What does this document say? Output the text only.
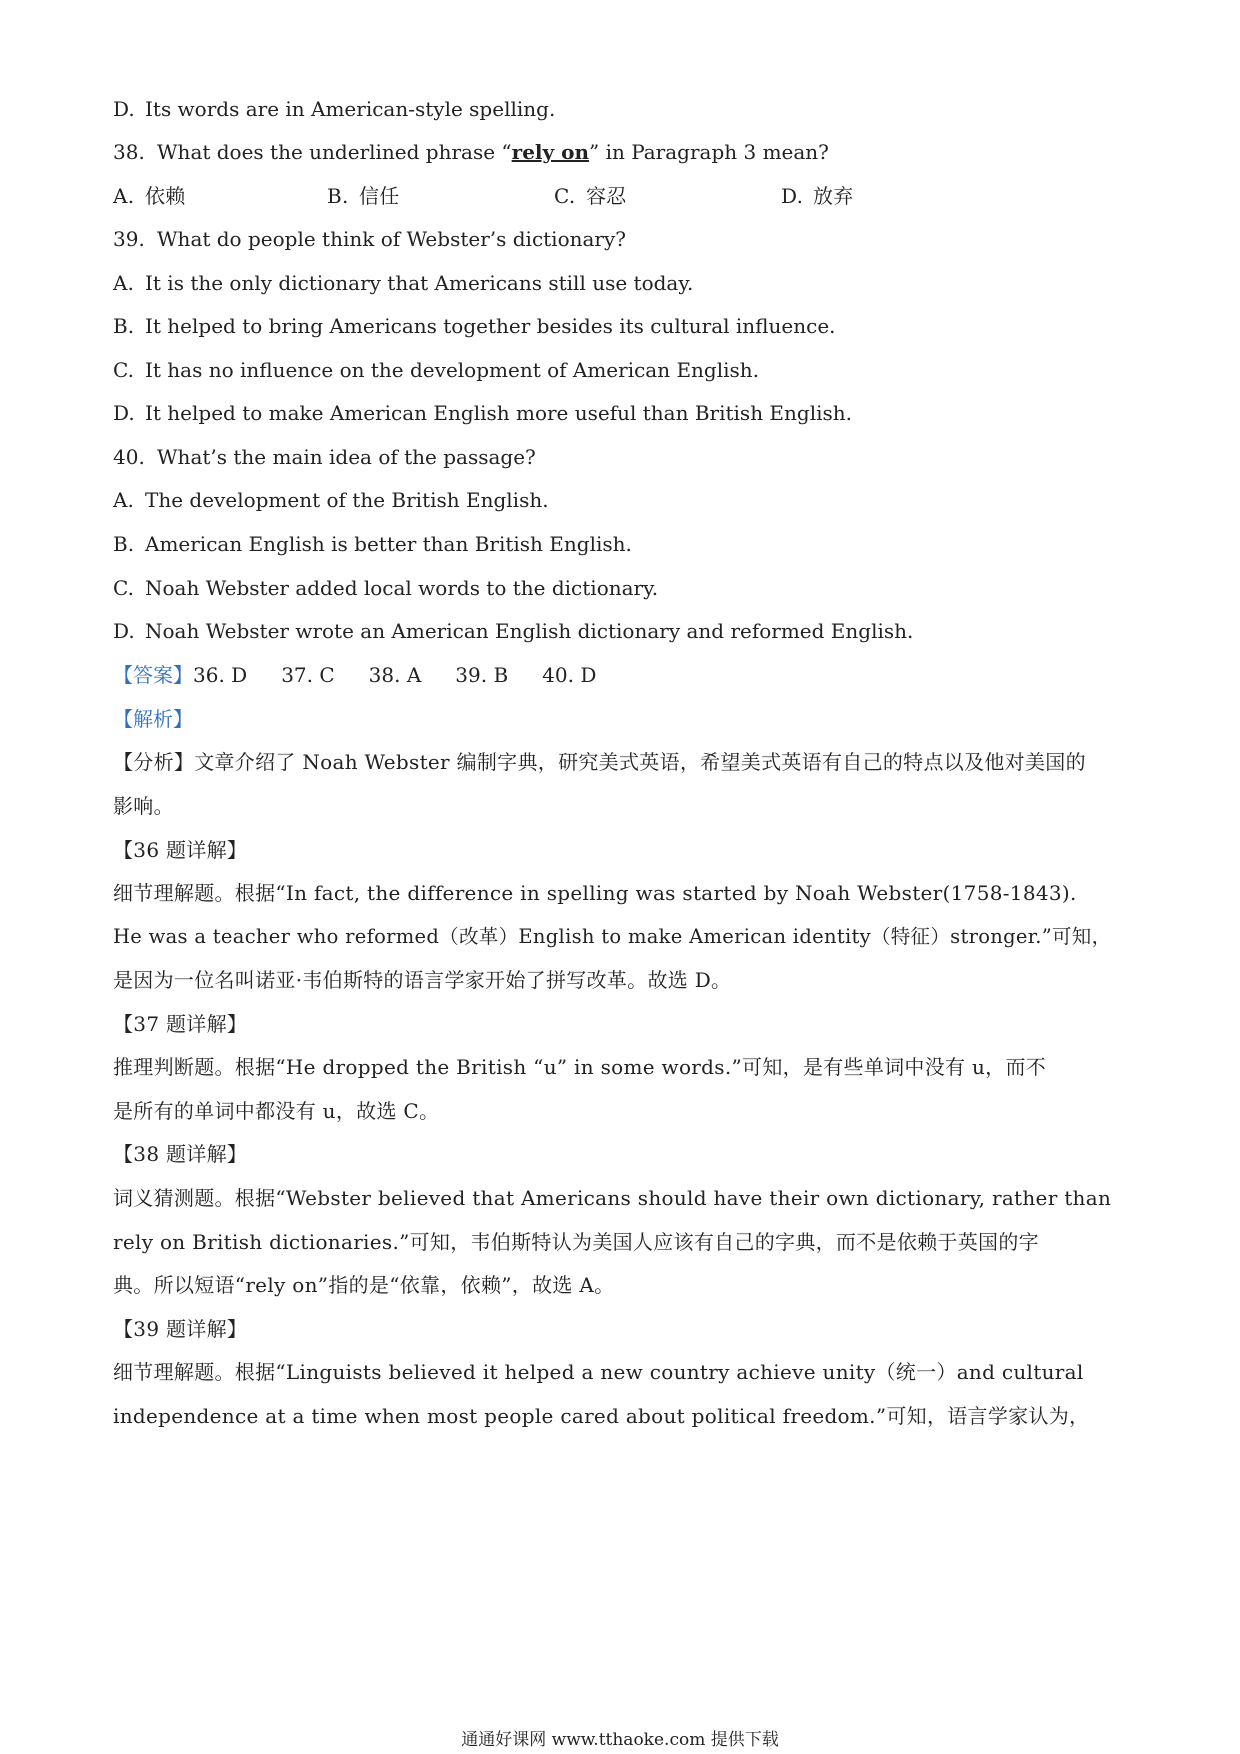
D. Its words are in American-style spelling.
38. What does the underlined phrase “rely on” in Paragraph 3 mean?
A. 依赖	B. 信任	C. 容忍	D. 放弃
39. What do people think of Webster’s dictionary?
A. It is the only dictionary that Americans still use today.
B. It helped to bring Americans together besides its cultural influence.
C. It has no influence on the development of American English.
D. It helped to make American English more useful than British English.
40. What’s the main idea of the passage?
A. The development of the British English.
B. American English is better than British English.
C. Noah Webster added local words to the dictionary.
D. Noah Webster wrote an American English dictionary and reformed English.
【答案】36. D 37. C 38. A 39. B 40. D
【解析】
【分析】文章介绍了 Noah Webster 编制字典，研究美式英语，希望美式英语有自己的特点以及他对美国的
影响。
【36 题详解】
细节理解题。根据“In fact, the difference in spelling was started by Noah Webster(1758-1843).
He was a teacher who reformed（改革）English to make American identity（特征）stronger.”可知，
是因为一位名叫诺亚·韦伯斯特的语言学家开始了拼写改革。故选 D。
【37 题详解】
推理判断题。根据“He dropped the British “u” in some words.”可知，是有些单词中没有 u，而不
是所有的单词中都没有 u，故选 C。
【38 题详解】
词义猜测题。根据“Webster believed that Americans should have their own dictionary, rather than
rely on British dictionaries.”可知，韦伯斯特认为美国人应该有自己的字典，而不是依赖于英国的字
典。所以短语“rely on”指的是“依靠，依赖”，故选 A。
【39 题详解】
细节理解题。根据“Linguists believed it helped a new country achieve unity（统一）and cultural
independence at a time when most people cared about political freedom.”可知，语言学家认为，
通通好课网 www.tthaoke.com 提供下载
